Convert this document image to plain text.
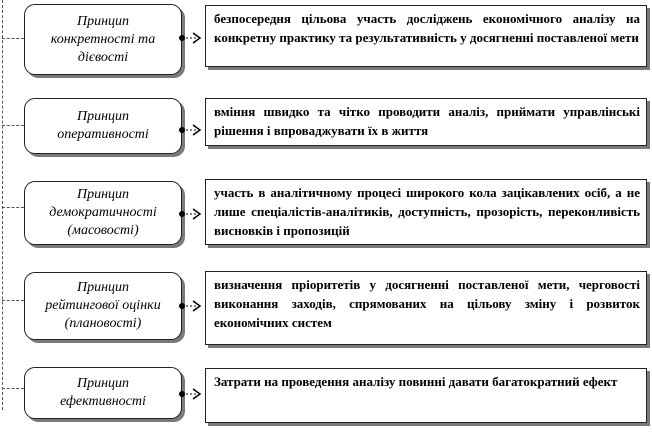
Принцип
конкретності та
дієвості
безпосередня цільова участь досліджень економічного аналізу на конкретну практику та результативність у досягненні поставленої мети
Принцип
оперативності
вміння швидко та чітко проводити аналіз, приймати управлінські рішення і впроваджувати їх в життя
Принцип
демократичності
(масовості)
участь в аналітичному процесі широкого кола зацікавлених осіб, а не лише спеціалістів-аналітиків, доступність, прозорість, переконливість висновків і пропозицій
Принцип
рейтингової оцінки
(плановості)
визначення пріоритетів у досягненні поставленої мети, черговості виконання заходів, спрямованих на цільову зміну і розвиток економічних систем
Принцип
ефективності
Затрати на проведення аналізу повинні давати багатократний ефект
